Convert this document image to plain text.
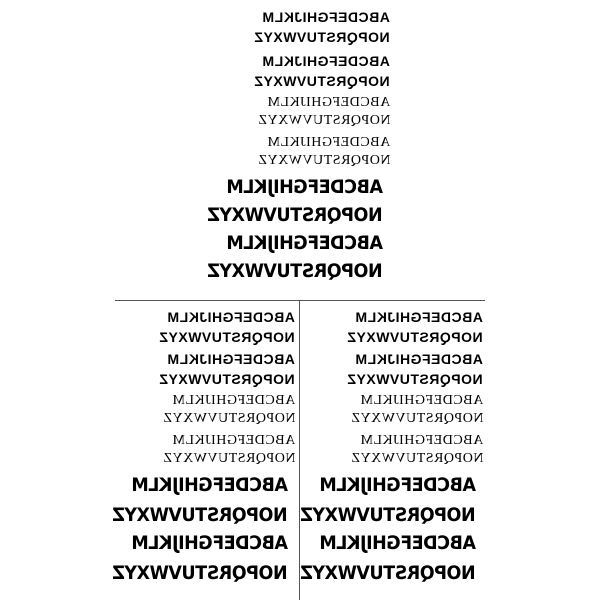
ABCDEFGHIJKLM
NOPQRSTUVWXYZ
ABCDEFGHIJKLM
NOPQRSTUVWXYZ
ABCDEFGHIJKLM
NOPQRSTUVWXYZ
ABCDEFGHIJKLM
NOPQRSTUVWXYZ
ABCDEFGHIJKLM
NOPQRSTUVWXYZ
ABCDEFGHIJKLM
NOPQRSTUVWXYZ
ABCDEFGHIJKLM
NOPQRSTUVWXYZ
ABCDEFGHIJKLM
NOPQRSTUVWXYZ
ABCDEFGHIJKLM
NOPQRSTUVWXYZ
ABCDEFGHIJKLM
NOPQRSTUVWXYZ
ABCDEFGHIJKLM
NOPQRSTUVWXYZ
ABCDEFGHIJKLM
NOPQRSTUVWXYZ
ABCDEFGHIJKLM
NOPQRSTUVWXYZ
ABCDEFGHIJKLM
NOPQRSTUVWXYZ
ABCDEFGHIJKLM
NOPQRSTUVWXYZ
ABCDEFGHIJKLM
NOPQRSTUVWXYZ
ABCDEFGHIJKLM
NOPQRSTUVWXYZ
ABCDEFGHIJKLM
NOPQRSTUVWXYZ
